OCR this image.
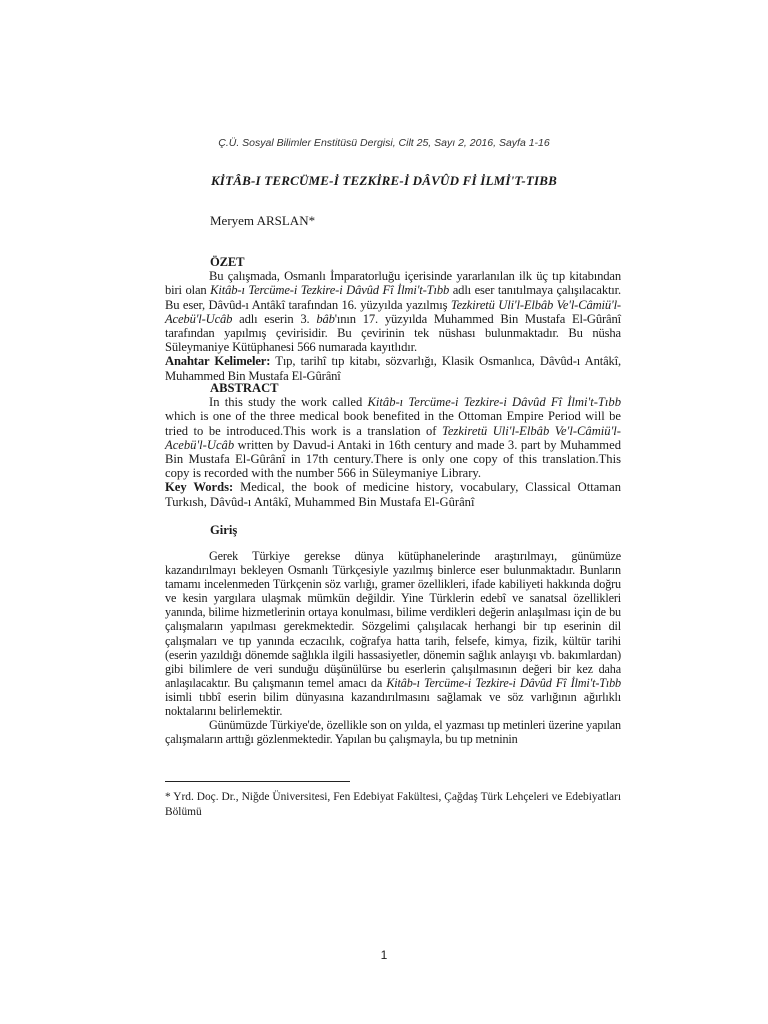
Ç.Ü. Sosyal Bilimler Enstitüsü Dergisi, Cilt 25, Sayı 2, 2016, Sayfa 1-16
KİTÂB-I TERCÜME-İ TEZKİRE-İ DÂVÛD Fİ İLMİ'T-TIBB
Meryem ARSLAN*

ÖZET

Bu çalışmada, Osmanlı İmparatorluğu içerisinde yararlanılan ilk üç tıp kitabından biri olan Kitâb-ı Tercüme-i Tezkire-i Dâvûd Fî İlmi't-Tıbb adlı eser tanıtılmaya çalışılacaktır. Bu eser, Dâvûd-ı Antâkî tarafından 16. yüzyılda yazılmış Tezkiretü Uli'l-Elbâb Ve'l-Câmiü'l-Acebü'l-Ucâb adlı eserin 3. bâb'ının 17. yüzyılda Muhammed Bin Mustafa El-Gûrânî tarafından yapılmış çevirisidir. Bu çevirinin tek nüshası bulunmaktadır. Bu nüsha Süleymaniye Kütüphanesi 566 numarada kayıtlıdır.

Anahtar Kelimeler: Tıp, tarihî tıp kitabı, sözvarlığı, Klasik Osmanlıca, Dâvûd-ı Antâkî, Muhammed Bin Mustafa El-Gûrânî

ABSTRACT

In this study the work called Kitâb-ı Tercüme-i Tezkire-i Dâvûd Fî İlmi't-Tıbb which is one of the three medical book benefited in the Ottoman Empire Period will be tried to be introduced.This work is a translation of Tezkiretü Uli'l-Elbâb Ve'l-Câmiü'l-Acebü'l-Ucâb written by Davud-i Antaki in 16th century and made 3. part by Muhammed Bin Mustafa El-Gûrânî in 17th century.There is only one copy of this translation.This copy is recorded with the number 566 in Süleymaniye Library.

Key Words: Medical, the book of medicine history, vocabulary, Classical Ottaman Turkısh, Dâvûd-ı Antâkî, Muhammed Bin Mustafa El-Gûrânî

Giriş

Gerek Türkiye gerekse dünya kütüphanelerinde araştırılmayı, günümüze kazandırılmayı bekleyen Osmanlı Türkçesiyle yazılmış binlerce eser bulunmaktadır. Bunların tamamı incelenmeden Türkçenin söz varlığı, gramer özellikleri, ifade kabiliyeti hakkında doğru ve kesin yargılara ulaşmak mümkün değildir. Yine Türklerin edebî ve sanatsal özellikleri yanında, bilime hizmetlerinin ortaya konulması, bilime verdikleri değerin anlaşılması için de bu çalışmaların yapılması gerekmektedir. Sözgelimi çalışılacak herhangi bir tıp eserinin dil çalışmaları ve tıp yanında eczacılık, coğrafya hatta tarih, felsefe, kimya, fizik, kültür tarihi (eserin yazıldığı dönemde sağlıkla ilgili hassasiyetler, dönemin sağlık anlayışı vb. bakımlardan) gibi bilimlere de veri sunduğu düşünülürse bu eserlerin çalışılmasının değeri bir kez daha anlaşılacaktır. Bu çalışmanın temel amacı da Kitâb-ı Tercüme-i Tezkire-i Dâvûd Fî İlmi't-Tıbb isimli tıbbî eserin bilim dünyasına kazandırılmasını sağlamak ve söz varlığının ağırlıklı noktalarını belirlemektir.

Günümüzde Türkiye'de, özellikle son on yılda, el yazması tıp metinleri üzerine yapılan çalışmaların arttığı gözlenmektedir. Yapılan bu çalışmayla, bu tıp metninin

* Yrd. Doç. Dr., Niğde Üniversitesi, Fen Edebiyat Fakültesi, Çağdaş Türk Lehçeleri ve Edebiyatları Bölümü
1
